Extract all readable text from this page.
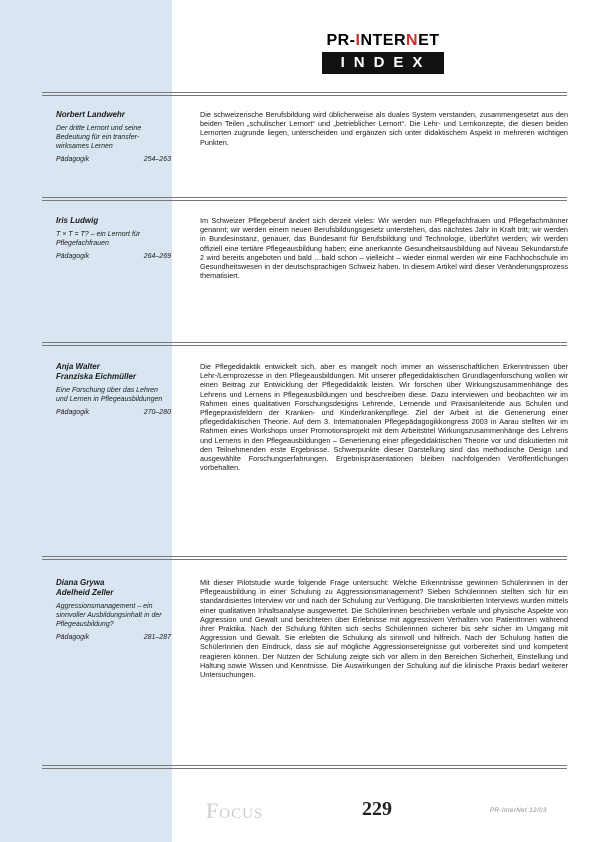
PR-INTERNET
INDEX
Norbert Landwehr
Der dritte Lernort und seine Bedeutung für ein transfer-wirksames Lernen
Pädagogik	254–263
Die schweizerische Berufsbildung wird üblicherweise als duales System verstanden, zusammengesetzt aus den beiden Teilen „schulischer Lernort“ und „betrieblicher Lernort“. Die Lehr- und Lernkonzepte, die diesen beiden Lernorten zugrunde liegen, unterscheiden und ergänzen sich unter didaktischem Aspekt in mehreren wichtigen Punkten.
Iris Ludwig
T × T = T? – ein Lernort für Pflegefachfrauen
Pädagogik	264–269
Im Schweizer Pflegeberuf ändert sich derzeit vieles: Wir werden nun Pflegefachfrauen und Pflegefachmänner genannt; wir werden einem neuen Berufsbildungsgesetz unterstehen, das nächstes Jahr in Kraft tritt; wir werden in Bundesinstanz, genauer, das Bundesamt für Berufsbildung und Technologie, überführt werden; wir werden offiziell eine tertiäre Pflegeausbildung haben; eine anerkannte Gesundheitsausbildung auf Niveau Sekundarstufe 2 wird bereits angeboten und bald …bald schon – vielleicht – wieder einmal werden wir eine Fachhochschule im Gesundheitswesen in der deutschsprachigen Schweiz haben. In diesem Artikel wird dieser Veränderungsprozess thematisiert.
Anja Walter
Franziska Eichmüller
Eine Forschung über das Lehren und Lernen in Pflegeausbildungen
Pädagogik	270–280
Die Pflegedidaktik entwickelt sich, aber es mangelt noch immer an wissenschaftlichen Erkenntnissen über Lehr-/Lernprozesse in den Pflegeausbildungen. Mit unserer pflegedidaktischen Grundlagenforschung wollen wir einen Beitrag zur Entwicklung der Pflegedidaktik leisten. Wir forschen über Wirkungszusammenhänge des Lehrens und Lernens in Pflegeausbildungen und beschreiben diese. Dazu interviewen und beobachten wir im Rahmen eines qualitativen Forschungsdesigns Lehrende, Lernende und Praxisanleitende aus Schulen und Pflegepraxisfeldern der Kranken- und Kinderkrankenpflege. Ziel der Arbeit ist die Generierung einer pflegedidaktischen Theorie. Auf dem 3. Internationalen Pflegepädagogikkongress 2003 in Aarau stellten wir im Rahmen eines Workshops unser Promotionsprojekt mit dem Arbeitstitel Wirkungszusammenhänge des Lehrens und Lernens in den Pflegeausbildungen – Generierung einer pflegedidaktischen Theorie vor und diskutierten mit den Teilnehmenden erste Ergebnisse. Schwerpunkte dieser Darstellung sind das methodische Design und ausgewählte Forschungserfahrungen. Ergebnispräsentationen bleiben nachfolgenden Veröffentlichungen vorbehalten.
Diana Grywa
Adelheid Zeller
Aggressionsmanagement – ein sinnvoller Ausbildungsinhalt in der Pflegeausbildung?
Pädagogik	281–287
Mit dieser Pilotstudie wurde folgende Frage untersucht: Welche Erkenntnisse gewinnen Schülerinnen in der Pflegeausbildung in einer Schulung zu Aggressionsmanagement? Sieben Schülerinnen stellten sich für ein standardisiertes Interview vor und nach der Schulung zur Verfügung. Die transkribierten Interviews wurden mittels einer qualitativen Inhaltsanalyse ausgewertet. Die Schülerinnen beschrieben verbale und physische Aspekte von Aggression und Gewalt und berichteten über Erlebnisse mit aggressivem Verhalten von PatientInnen während ihrer Praktika. Nach der Schulung fühlten sich sechs Schülerinnen sicherer bis sehr sicher im Umgang mit Aggression und Gewalt. Sie erlebten die Schulung als sinnvoll und hilfreich. Nach der Schulung hatten die SchülerInnen den Eindruck, dass sie auf mögliche Aggressionsereignisse gut vorbereitet sind und kompetent reagieren können. Der Nutzen der Schulung zeigte sich vor allem in den Bereichen Sicherheit, Einstellung und Haltung sowie Wissen und Kenntnisse. Die Auswirkungen der Schulung auf die klinische Praxis bedarf weiterer Untersuchungen.
Focus	229	PR-InterNet 12/03
